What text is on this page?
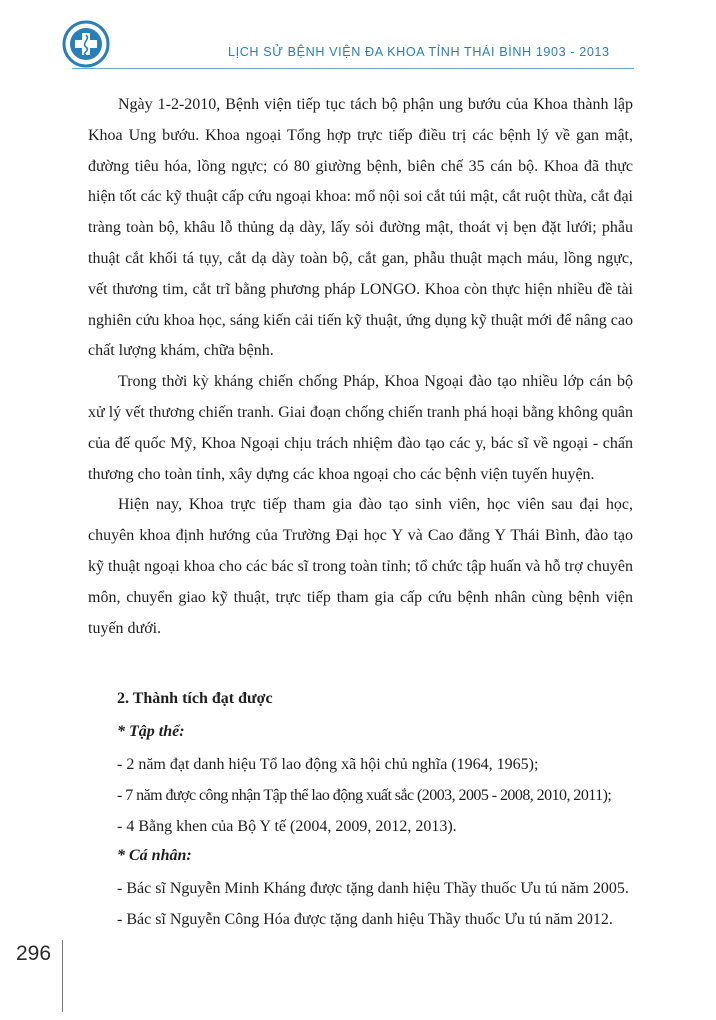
LỊCH SỬ BỆNH VIỆN ĐA KHOA TỈNH THÁI BÌNH 1903 - 2013

Ngày 1-2-2010, Bệnh viện tiếp tục tách bộ phận ung bướu của Khoa thành lập Khoa Ung bướu. Khoa ngoại Tổng hợp trực tiếp điều trị các bệnh lý về gan mật, đường tiêu hóa, lồng ngực; có 80 giường bệnh, biên chế 35 cán bộ. Khoa đã thực hiện tốt các kỹ thuật cấp cứu ngoại khoa: mổ nội soi cắt túi mật, cắt ruột thừa, cắt đại tràng toàn bộ, khâu lỗ thủng dạ dày, lấy sỏi đường mật, thoát vị bẹn đặt lưới; phẫu thuật cắt khối tá tụy, cắt dạ dày toàn bộ, cắt gan, phẫu thuật mạch máu, lồng ngực, vết thương tim, cắt trĩ bằng phương pháp LONGO. Khoa còn thực hiện nhiều đề tài nghiên cứu khoa học, sáng kiến cải tiến kỹ thuật, ứng dụng kỹ thuật mới để nâng cao chất lượng khám, chữa bệnh.

Trong thời kỳ kháng chiến chống Pháp, Khoa Ngoại đào tạo nhiều lớp cán bộ xử lý vết thương chiến tranh. Giai đoạn chống chiến tranh phá hoại bằng không quân của đế quốc Mỹ, Khoa Ngoại chịu trách nhiệm đào tạo các y, bác sĩ về ngoại - chấn thương cho toàn tỉnh, xây dựng các khoa ngoại cho các bệnh viện tuyến huyện.

Hiện nay, Khoa trực tiếp tham gia đào tạo sinh viên, học viên sau đại học, chuyên khoa định hướng của Trường Đại học Y và Cao đẳng Y Thái Bình, đào tạo kỹ thuật ngoại khoa cho các bác sĩ trong toàn tỉnh; tổ chức tập huấn và hỗ trợ chuyên môn, chuyển giao kỹ thuật, trực tiếp tham gia cấp cứu bệnh nhân cùng bệnh viện tuyến dưới.

2. Thành tích đạt được
* Tập thể:
- 2 năm đạt danh hiệu Tổ lao động xã hội chủ nghĩa (1964, 1965);
- 7 năm được công nhận Tập thể lao động xuất sắc (2003, 2005 - 2008, 2010, 2011);
- 4 Bằng khen của Bộ Y tế (2004, 2009, 2012, 2013).
* Cá nhân:
- Bác sĩ Nguyễn Minh Kháng được tặng danh hiệu Thầy thuốc Ưu tú năm 2005.
- Bác sĩ Nguyễn Công Hóa được tặng danh hiệu Thầy thuốc Ưu tú năm 2012.
296
